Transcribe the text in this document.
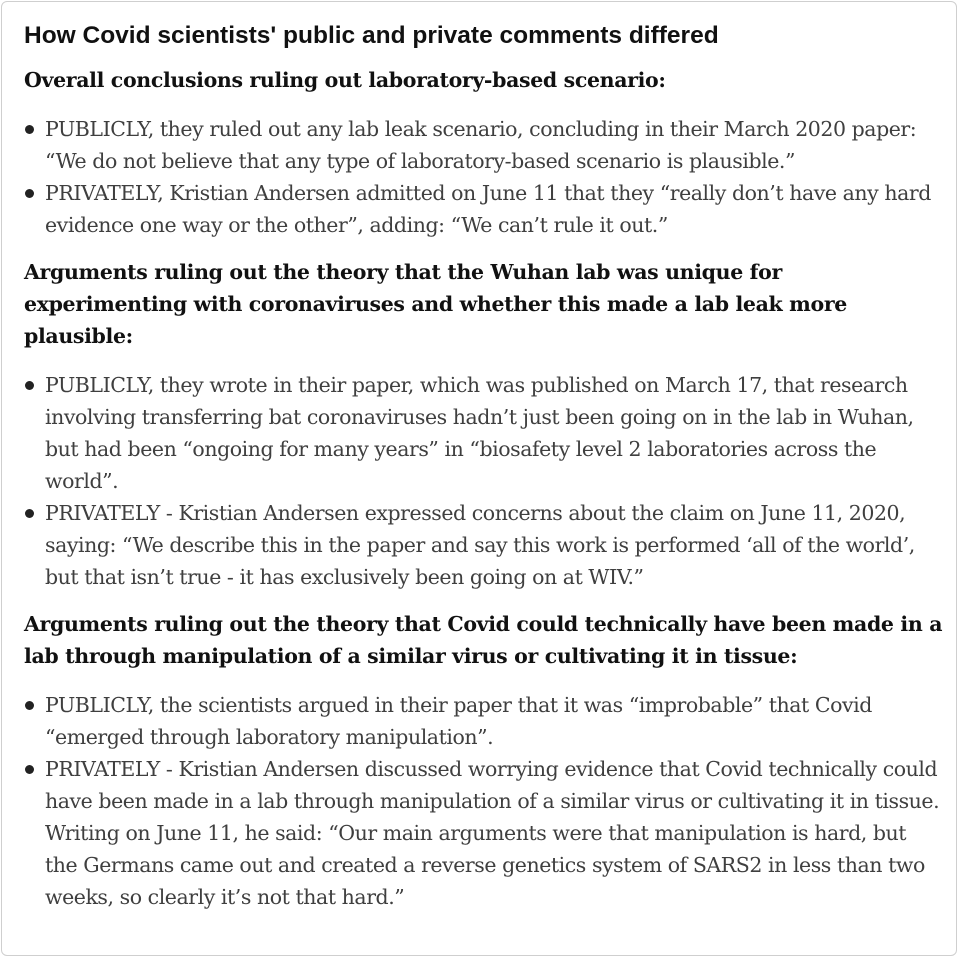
How Covid scientists' public and private comments differed
Overall conclusions ruling out laboratory-based scenario:
PUBLICLY, they ruled out any lab leak scenario, concluding in their March 2020 paper: “We do not believe that any type of laboratory-based scenario is plausible.”
PRIVATELY, Kristian Andersen admitted on June 11 that they “really don’t have any hard evidence one way or the other”, adding: “We can’t rule it out.”
Arguments ruling out the theory that the Wuhan lab was unique for experimenting with coronaviruses and whether this made a lab leak more plausible:
PUBLICLY, they wrote in their paper, which was published on March 17, that research involving transferring bat coronaviruses hadn’t just been going on in the lab in Wuhan, but had been “ongoing for many years” in “biosafety level 2 laboratories across the world”.
PRIVATELY - Kristian Andersen expressed concerns about the claim on June 11, 2020, saying: “We describe this in the paper and say this work is performed ‘all of the world’, but that isn’t true - it has exclusively been going on at WIV.”
Arguments ruling out the theory that Covid could technically have been made in a lab through manipulation of a similar virus or cultivating it in tissue:
PUBLICLY, the scientists argued in their paper that it was “improbable” that Covid “emerged through laboratory manipulation”.
PRIVATELY - Kristian Andersen discussed worrying evidence that Covid technically could have been made in a lab through manipulation of a similar virus or cultivating it in tissue. Writing on June 11, he said: “Our main arguments were that manipulation is hard, but the Germans came out and created a reverse genetics system of SARS2 in less than two weeks, so clearly it’s not that hard.”
